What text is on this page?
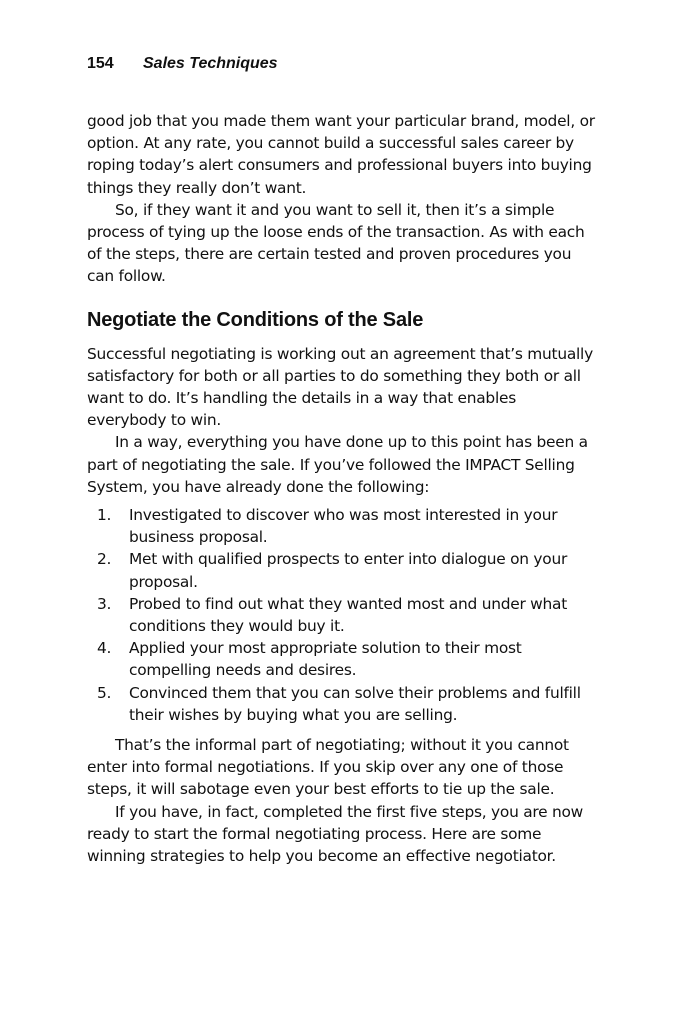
154 Sales Techniques

good job that you made them want your particular brand, model, or option. At any rate, you cannot build a successful sales career by roping today’s alert consumers and professional buyers into buying things they really don’t want.

So, if they want it and you want to sell it, then it’s a simple process of tying up the loose ends of the transaction. As with each of the steps, there are certain tested and proven procedures you can follow.

Negotiate the Conditions of the Sale

Successful negotiating is working out an agreement that’s mutually satisfactory for both or all parties to do something they both or all want to do. It’s handling the details in a way that enables everybody to win.

In a way, everything you have done up to this point has been a part of negotiating the sale. If you’ve followed the IMPACT Selling System, you have already done the following:

1.	Investigated to discover who was most interested in your business proposal.
2.	Met with qualified prospects to enter into dialogue on your proposal.
3.	Probed to find out what they wanted most and under what conditions they would buy it.
4.	Applied your most appropriate solution to their most compelling needs and desires.
5.	Convinced them that you can solve their problems and fulfill their wishes by buying what you are selling.

That’s the informal part of negotiating; without it you cannot enter into formal negotiations. If you skip over any one of those steps, it will sabotage even your best efforts to tie up the sale.

If you have, in fact, completed the first five steps, you are now ready to start the formal negotiating process. Here are some winning strategies to help you become an effective negotiator.
